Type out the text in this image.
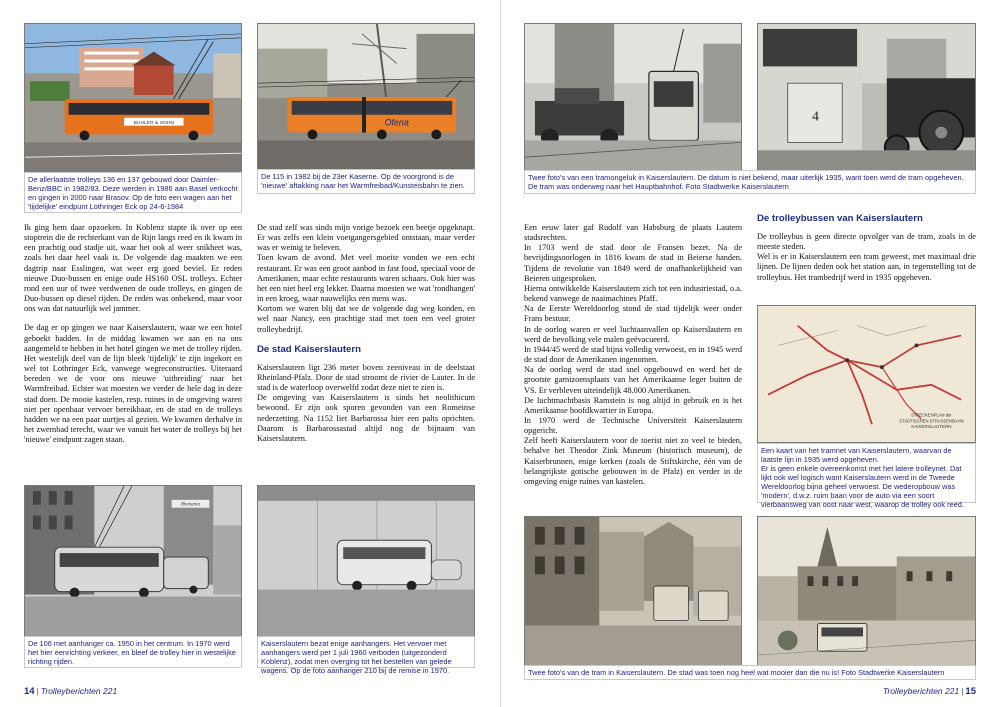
BUHLER & SOHN
De allerlaatste trolleys 136 en 137 gebouwd door Daimler-Benz/BBC in 1982/83. Deze werden in 1986 aan Basel verkocht en gingen in 2000 naar Brasov. Op de foto een wagen aan het 'tijdelijke' eindpunt Lothringer Eck op 24-6-1984
Ofena
De 115 in 1982 bij de 23er Kaserne. Op de voorgrond is de 'nieuwe' aftakking naar het Warmfreibad/Kunsteisbahn te zien.

Ik ging hem daar opzoeken. In Koblenz stapte ik over op een stoptrein die de rechterkant van de Rijn langs reed en ik kwam in een prachtig oud stadje uit, waar het ook al weer snikheet was, zoals het daar heel vaak is. De volgende dag maakten we een dagtrip naar Esslingen, wat weer erg goed beviel. Er reden nieuwe Duo-bussen en enige oude HS160 OSL trolleys. Echter rond een uur of twee verdwenen de oude trolleys, en gingen de Duo-bussen op diesel rijden. De reden was onbekend, maar voor ons was dat natuurlijk wel jammer.

De dag er op gingen we naar Kaiserslautern, waar we een hotel geboekt hadden. In de middag kwamen we aan en na ons aangemeld te hebben in het hotel gingen we met de trolley rijden. Het westelijk deel van de lijn bleek 'tijdelijk' te zijn ingekort en wel tot Lothringer Eck, vanwege wegreconstructies. Uiteraard bereden we de voor ons nieuwe 'uitbreiding' naar het Warmfreibad. Echter wat moesten we verder de hele dag in deze stad doen. De mooie kastelen, resp. ruines in de omgeving waren niet per openbaar vervoer bereikbaar, en de stad en de trolleys hadden we na een paar uurtjes al gezien. We kwamen derhalve in het zwembad terecht, waar we vanuit het water de trolleys bij het 'nieuwe' eindpunt zagen staan.

De stad zelf was sinds mijn vorige bezoek een beetje opgeknapt. Er was zelfs een klein voetgangersgebied ontstaan, maar verder was er weinig te beleven.

Toen kwam de avond. Met veel moeite vonden we een echt restaurant. Er was een groot aanbod in fast food, speciaal voor de Amerikanen, maar echte restaurants waren schaars. Ook hier was het een niet heel erg lekker. Daarna moesten we wat 'rondhangen' in een kroeg, waar nauwelijks een mens was.

Kortom we waren blij dat we de volgende dag weg konden, en wel naar Nancy, een prachtige stad met toen een veel groter trolleybedrijf.

De stad Kaiserslautern

Kaiserslautern ligt 236 meter boven zeeniveau in de deelstaat Rheinland-Pfalz. Door de stad stroomt de rivier de Lauter. In de stad is de waterloop overwelfd zodat deze niet te zien is.

De omgeving van Kaiserslautern is sinds het neolithicum bewoond. Er zijn ook sporen gevonden van een Romeinse nederzetting. Na 1152 liet Barbarossa hier een palts oprichten. Daarom is Barbarossastad altijd nog de bijnaam van Kaiserslautern.

Rhenania
De 106 met aanhanger ca. 1950 in het centrum. In 1970 werd het hier eenrichting verkeer, en bleef de trolley hier in westelijke richting rijden.
Kaiserslautern bezat enige aanhangers. Het vervoer met aanhangers werd per 1 juli 1960 verboden (uitgezonderd Koblenz), zodat men overging tot het bestellen van gelede wagens. Op de foto aanhanger 210 bij de remise in 1970.
14 | Trolleyberichten 221
4
Twee foto's van een tramongeluk in Kaiserslautern. De datum is niet bekend, maar uiterlijk 1935, want toen werd de tram opgeheven. De tram was onderweg naar het Hauptbahnhof. Foto Stadtwerke Kaiserslautern

Een eeuw later gaf Rudolf van Habsburg de plaats Lautern stadsrechten.

In 1703 werd de stad door de Fransen bezet. Na de bevrijdingsoorlogen in 1816 kwam de stad in Beierse handen. Tijdens de revolutie van 1849 werd de onafhankelijkheid van Beieren uitgesproken.

Hierna ontwikkelde Kaiserslautern zich tot een industriestad, o.a. bekend vanwege de naaimachines Pfaff.

Na de Eerste Wereldoorlog stond de stad tijdelijk weer onder Frans bestuur.

In de oorlog waren er veel luchtaanvallen op Kaiserslautern en werd de bevolking vele malen geëvacueerd.

In 1944/45 werd de stad bijna volledig verwoest, en in 1945 werd de stad door de Amerikanen ingenomen.

Na de oorlog werd de stad snel opgebouwd en werd het de grootste garnizoensplaats van het Amerikaanse leger buiten de VS. Er verbleven uiteindelijk 48.000 Amerikanen.

De luchtmachtbasis Ramstein is nog altijd in gebruik en is het Amerikaanse hoofdkwartier in Europa.

In 1970 werd de Technische Universiteit Kaiserslautern opgericht.

Zelf heeft Kaiserslautern voor de toerist niet zo veel te bieden, behalve het Theodor Zink Museum (historisch museum), de Kaiserbrunnen, enige kerken (zoals de Stiftskirche, één van de belangrijkste gotische gebouwen in de Pfalz) en verder in de omgeving enige ruines van kastelen.

De trolleybussen van Kaiserslautern

De trolleybus is geen directe opvolger van de tram, zoals in de meeste steden.

Wel is er in Kaiserslautern een tram geweest, met maximaal drie lijnen. De lijnen deden ook het station aan, in tegenstelling tot de trolleybus. Het trambedrijf werd in 1935 opgeheven.

STRECKENPLAN der
STÄDTISCHEN STRASSENBAHN
KAISERSLAUTERN
Een kaart van het tramnet van Kaiserslautern, waarvan de laatste lijn in 1935 werd opgeheven.
Er is geen enkele overeenkomst met het latere trolleynet. Dat lijkt ook wel logisch want Kaiserslautern werd in de Tweede Wereldoorlog bijna geheel verwoest. De wederopbouw was 'modern', d.w.z. ruim baan voor de auto via een soort vierbaansweg van oost naar west, waarop de trolley ook reed.
Twee foto's van de tram in Kaiserslautern. De stad was toen nog heel wat mooier dan die nu is! Foto Stadtwerke Kaiserslautern
Trolleyberichten 221 | 15
